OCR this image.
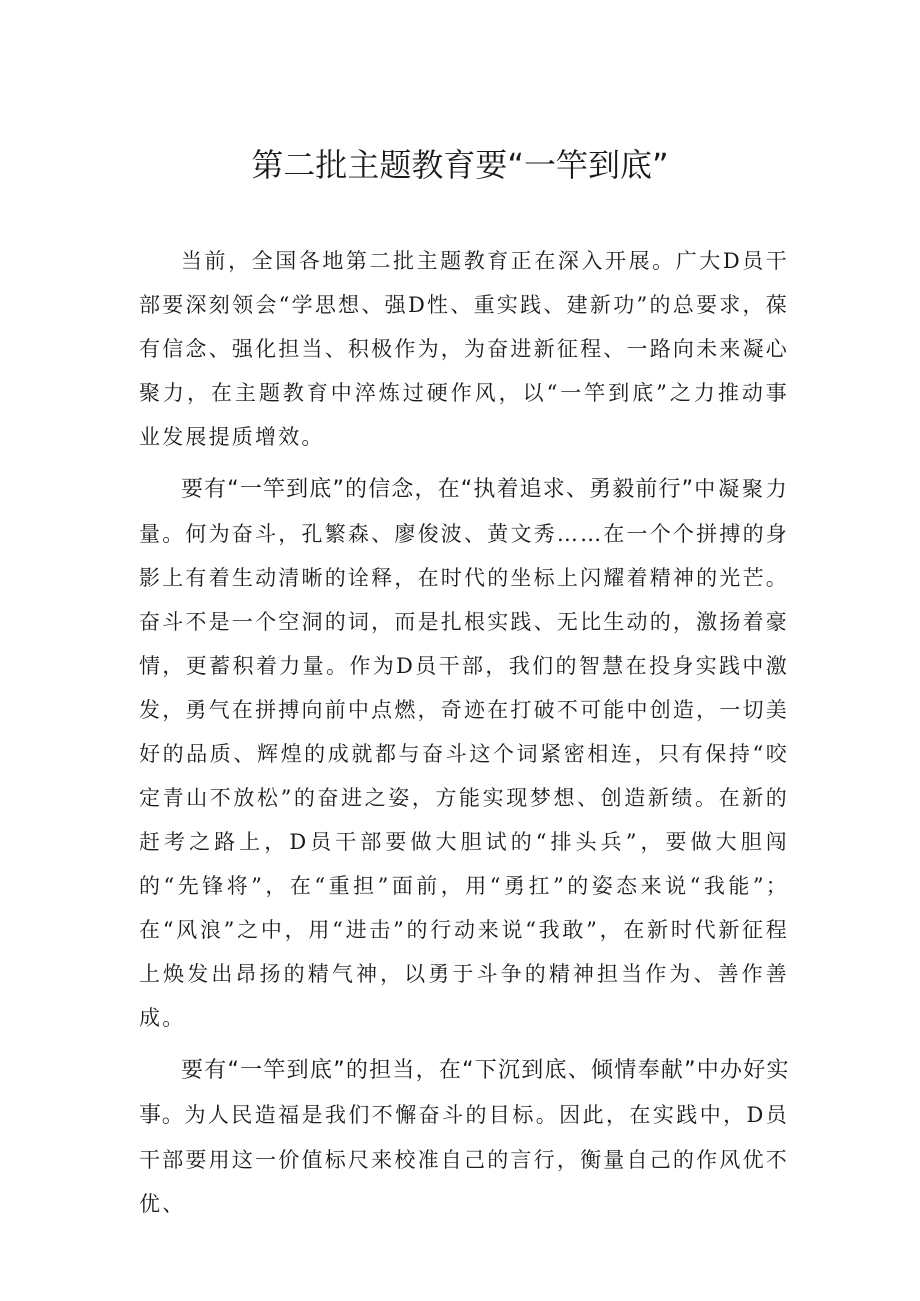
第二批主题教育要“一竿到底”

当前，全国各地第二批主题教育正在深入开展。广大D员干部要深刻领会“学思想、强D性、重实践、建新功”的总要求，葆有信念、强化担当、积极作为，为奋进新征程、一路向未来凝心聚力，在主题教育中淬炼过硬作风，以“一竿到底”之力推动事业发展提质增效。

要有“一竿到底”的信念，在“执着追求、勇毅前行”中凝聚力量。何为奋斗，孔繁森、廖俊波、黄文秀……在一个个拼搏的身影上有着生动清晰的诠释，在时代的坐标上闪耀着精神的光芒。奋斗不是一个空洞的词，而是扎根实践、无比生动的，激扬着豪情，更蓄积着力量。作为D员干部，我们的智慧在投身实践中激发，勇气在拼搏向前中点燃，奇迹在打破不可能中创造，一切美好的品质、辉煌的成就都与奋斗这个词紧密相连，只有保持“咬定青山不放松”的奋进之姿，方能实现梦想、创造新绩。在新的赶考之路上，D员干部要做大胆试的“排头兵”，要做大胆闯的“先锋将”，在“重担”面前，用“勇扛”的姿态来说“我能”；在“风浪”之中，用“进击”的行动来说“我敢”，在新时代新征程上焕发出昂扬的精气神，以勇于斗争的精神担当作为、善作善成。

要有“一竿到底”的担当，在“下沉到底、倾情奉献”中办好实事。为人民造福是我们不懈奋斗的目标。因此，在实践中，D员干部要用这一价值标尺来校准自己的言行，衡量自己的作风优不优、
